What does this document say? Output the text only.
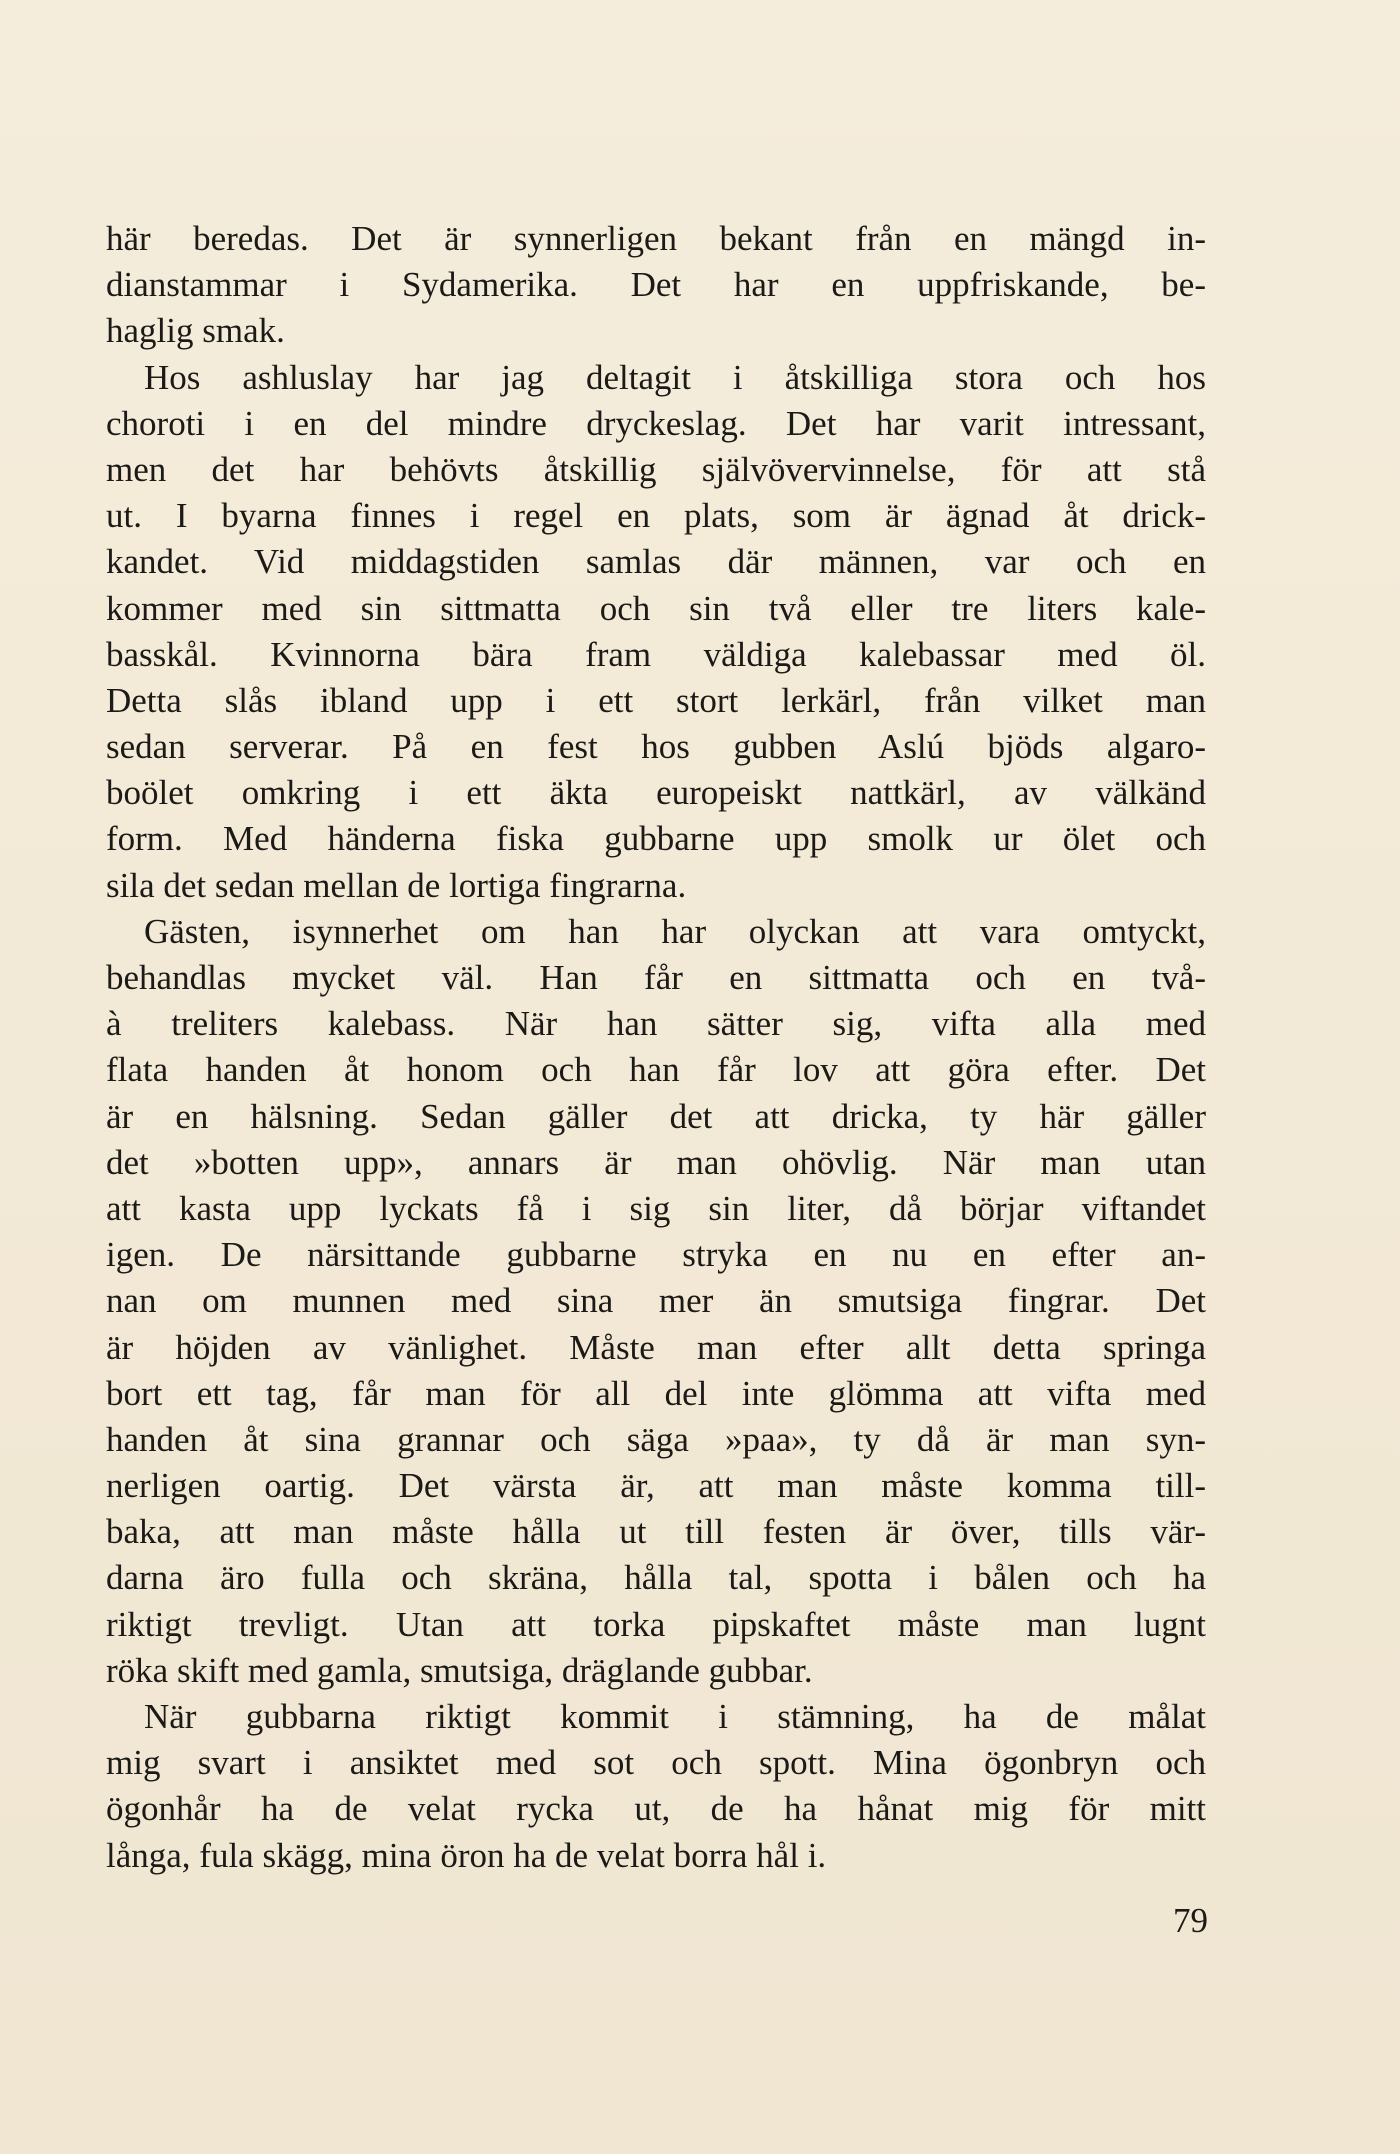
här beredas. Det är synnerligen bekant från en mängd in-
dianstammar i Sydamerika. Det har en uppfriskande, be-
haglig smak.
Hos ashluslay har jag deltagit i åtskilliga stora och hos
choroti i en del mindre dryckeslag. Det har varit intressant,
men det har behövts åtskillig självövervinnelse, för att stå
ut. I byarna finnes i regel en plats, som är ägnad åt drick-
kandet. Vid middagstiden samlas där männen, var och en
kommer med sin sittmatta och sin två eller tre liters kale-
basskål. Kvinnorna bära fram väldiga kalebassar med öl.
Detta slås ibland upp i ett stort lerkärl, från vilket man
sedan serverar. På en fest hos gubben Aslú bjöds algaro-
boölet omkring i ett äkta europeiskt nattkärl, av välkänd
form. Med händerna fiska gubbarne upp smolk ur ölet och
sila det sedan mellan de lortiga fingrarna.
Gästen, isynnerhet om han har olyckan att vara omtyckt,
behandlas mycket väl. Han får en sittmatta och en två-
à treliters kalebass. När han sätter sig, vifta alla med
flata handen åt honom och han får lov att göra efter. Det
är en hälsning. Sedan gäller det att dricka, ty här gäller
det »botten upp», annars är man ohövlig. När man utan
att kasta upp lyckats få i sig sin liter, då börjar viftandet
igen. De närsittande gubbarne stryka en nu en efter an-
nan om munnen med sina mer än smutsiga fingrar. Det
är höjden av vänlighet. Måste man efter allt detta springa
bort ett tag, får man för all del inte glömma att vifta med
handen åt sina grannar och säga »paa», ty då är man syn-
nerligen oartig. Det värsta är, att man måste komma till-
baka, att man måste hålla ut till festen är över, tills vär-
darna äro fulla och skräna, hålla tal, spotta i bålen och ha
riktigt trevligt. Utan att torka pipskaftet måste man lugnt
röka skift med gamla, smutsiga, dräglande gubbar.
När gubbarna riktigt kommit i stämning, ha de målat
mig svart i ansiktet med sot och spott. Mina ögonbryn och
ögonhår ha de velat rycka ut, de ha hånat mig för mitt
långa, fula skägg, mina öron ha de velat borra hål i.
79
